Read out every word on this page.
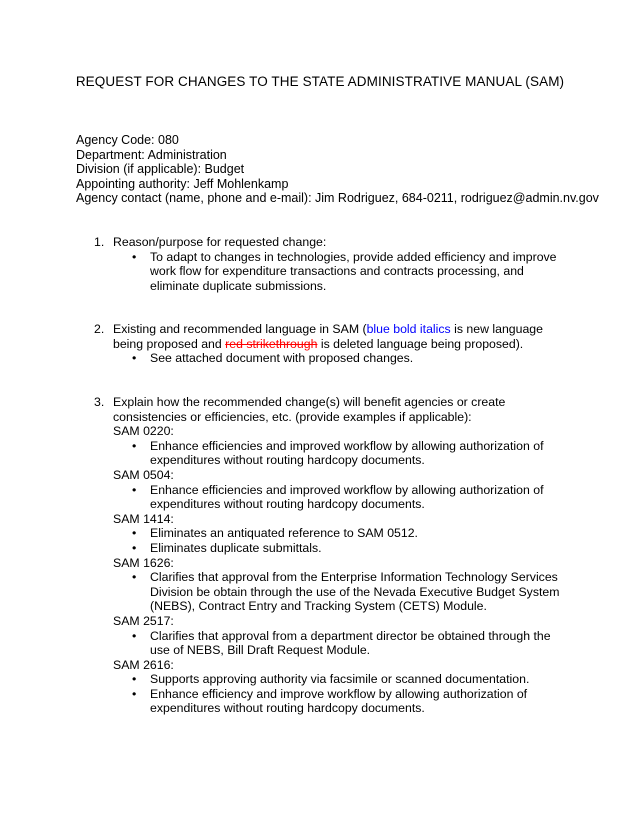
REQUEST FOR CHANGES TO THE STATE ADMINISTRATIVE MANUAL (SAM)
Agency Code: 080
Department: Administration
Division (if applicable): Budget
Appointing authority: Jeff Mohlenkamp
Agency contact (name, phone and e-mail): Jim Rodriguez, 684-0211, rodriguez@admin.nv.gov
1. Reason/purpose for requested change:
• To adapt to changes in technologies, provide added efficiency and improve work flow for expenditure transactions and contracts processing, and eliminate duplicate submissions.
2. Existing and recommended language in SAM (blue bold italics is new language being proposed and red strikethrough is deleted language being proposed).
• See attached document with proposed changes.
3. Explain how the recommended change(s) will benefit agencies or create consistencies or efficiencies, etc. (provide examples if applicable):
SAM 0220:
• Enhance efficiencies and improved workflow by allowing authorization of expenditures without routing hardcopy documents.
SAM 0504:
• Enhance efficiencies and improved workflow by allowing authorization of expenditures without routing hardcopy documents.
SAM 1414:
• Eliminates an antiquated reference to SAM 0512.
• Eliminates duplicate submittals.
SAM 1626:
• Clarifies that approval from the Enterprise Information Technology Services Division be obtain through the use of the Nevada Executive Budget System (NEBS), Contract Entry and Tracking System (CETS) Module.
SAM 2517:
• Clarifies that approval from a department director be obtained through the use of NEBS, Bill Draft Request Module.
SAM 2616:
• Supports approving authority via facsimile or scanned documentation.
• Enhance efficiency and improve workflow by allowing authorization of expenditures without routing hardcopy documents.
